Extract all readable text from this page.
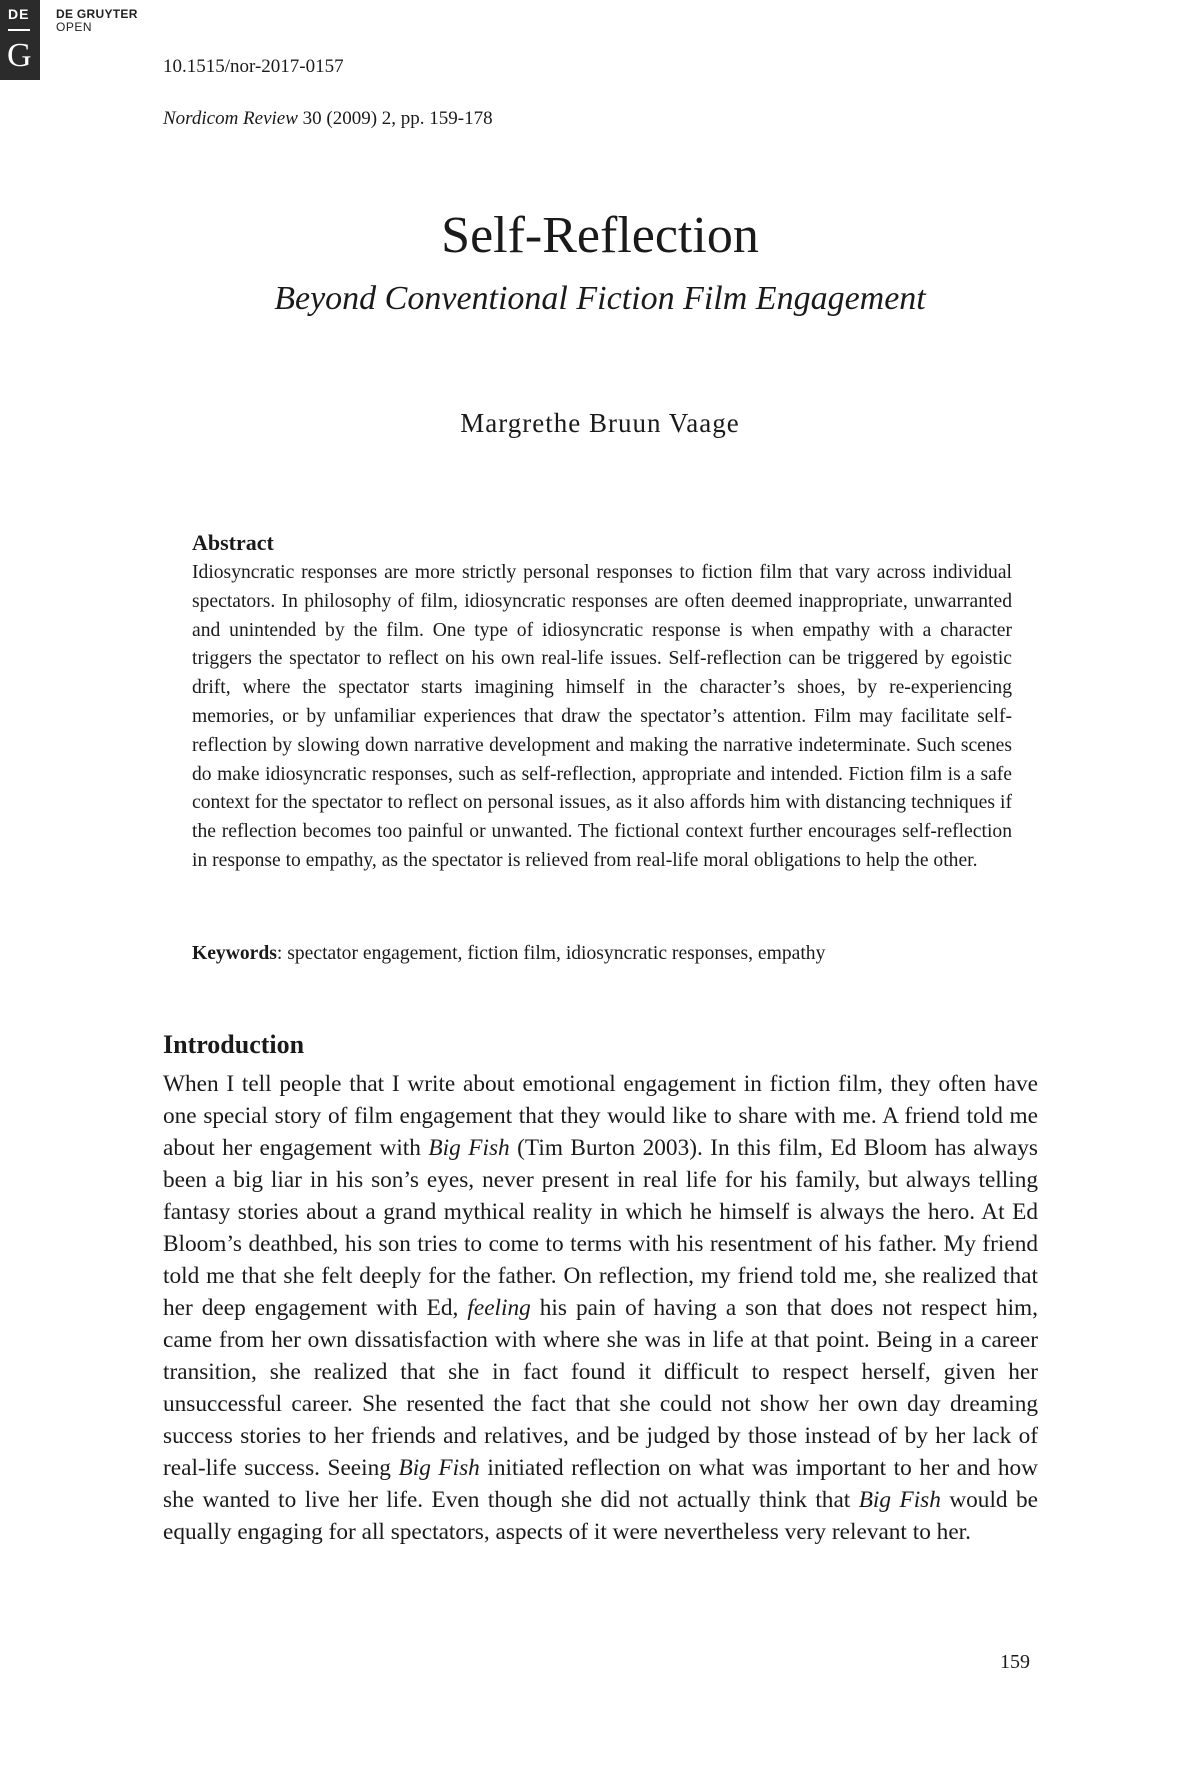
DE
G
DE GRUYTER
OPEN
10.1515/nor-2017-0157
Nordicom Review 30 (2009) 2, pp. 159-178
Self-Reflection
Beyond Conventional Fiction Film Engagement
Margrethe Bruun Vaage
Abstract
Idiosyncratic responses are more strictly personal responses to fiction film that vary across individual spectators. In philosophy of film, idiosyncratic responses are often deemed inappropriate, unwarranted and unintended by the film. One type of idiosyncratic response is when empathy with a character triggers the spectator to reflect on his own real-life issues. Self-reflection can be triggered by egoistic drift, where the spectator starts imagining himself in the character’s shoes, by re-experiencing memories, or by unfamiliar experiences that draw the spectator’s attention. Film may facilitate self-reflection by slowing down narrative development and making the narrative indeterminate. Such scenes do make idiosyncratic responses, such as self-reflection, appropriate and intended. Fiction film is a safe context for the spectator to reflect on personal issues, as it also affords him with distancing techniques if the reflection becomes too painful or unwanted. The fictional context further encourages self-reflection in response to empathy, as the spectator is relieved from real-life moral obligations to help the other.
Keywords: spectator engagement, fiction film, idiosyncratic responses, empathy
Introduction
When I tell people that I write about emotional engagement in fiction film, they often have one special story of film engagement that they would like to share with me. A friend told me about her engagement with Big Fish (Tim Burton 2003). In this film, Ed Bloom has always been a big liar in his son’s eyes, never present in real life for his family, but always telling fantasy stories about a grand mythical reality in which he himself is always the hero. At Ed Bloom’s deathbed, his son tries to come to terms with his resentment of his father. My friend told me that she felt deeply for the father. On reflection, my friend told me, she realized that her deep engagement with Ed, feeling his pain of having a son that does not respect him, came from her own dissatisfaction with where she was in life at that point. Being in a career transition, she realized that she in fact found it difficult to respect herself, given her unsuccessful career. She resented the fact that she could not show her own day dreaming success stories to her friends and relatives, and be judged by those instead of by her lack of real-life success. Seeing Big Fish initiated reflection on what was important to her and how she wanted to live her life. Even though she did not actually think that Big Fish would be equally engaging for all spectators, aspects of it were nevertheless very relevant to her.
159
